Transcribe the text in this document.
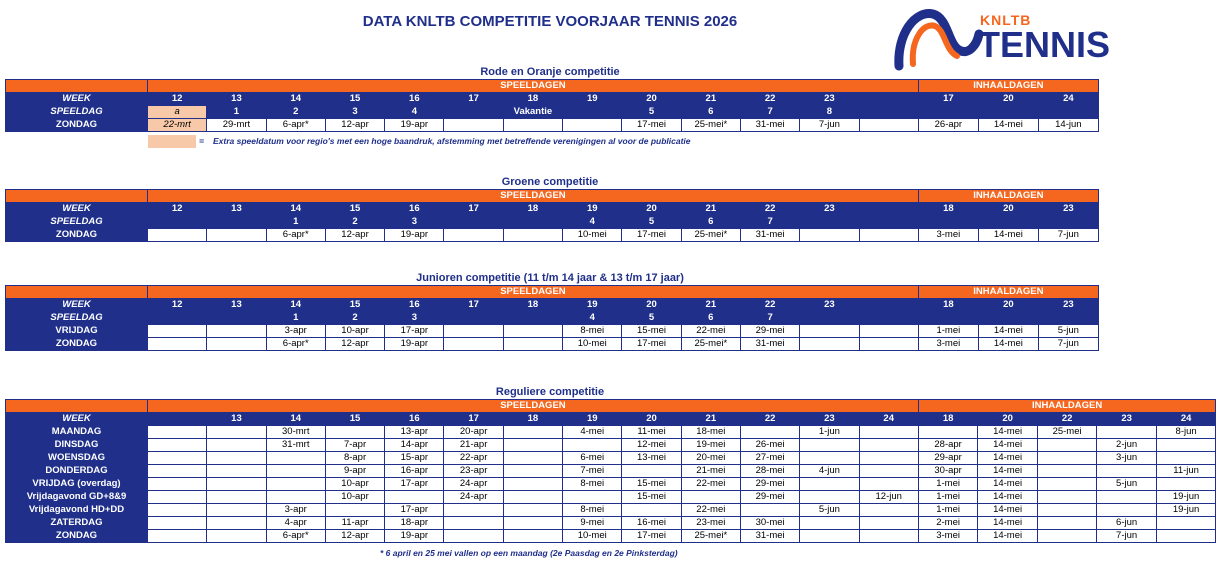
DATA KNLTB COMPETITIE VOORJAAR TENNIS 2026	KNLTB
TENNIS
Rode en Oranje competitie
	SPEELDAGEN													INHAALDAGEN		
WEEK	12	13	14	15	16	17	18	19	20	21	22	23		17	20	24
SPEELDAG	a	1	2	3	4		Vakantie		5	6	7	8				
ZONDAG	22-mrt	29-mrt	6-apr*	12-apr	19-apr				17-mei	25-mei*	31-mei	7-jun		26-apr	14-mei	14-jun
= Extra speeldatum voor regio's met een hoge baandruk, afstemming met betreffende verenigingen al voor de publicatie
Groene competitie
	SPEELDAGEN													INHAALDAGEN		
WEEK	12	13	14	15	16	17	18	19	20	21	22	23		18	20	23
SPEELDAG			1	2	3			4	5	6	7					
ZONDAG			6-apr*	12-apr	19-apr			10-mei	17-mei	25-mei*	31-mei			3-mei	14-mei	7-jun
Junioren competitie (11 t/m 14 jaar & 13 t/m 17 jaar)
	SPEELDAGEN													INHAALDAGEN		
WEEK	12	13	14	15	16	17	18	19	20	21	22	23		18	20	23
SPEELDAG			1	2	3			4	5	6	7					
VRIJDAG			3-apr	10-apr	17-apr			8-mei	15-mei	22-mei	29-mei			1-mei	14-mei	5-jun
ZONDAG			6-apr*	12-apr	19-apr			10-mei	17-mei	25-mei*	31-mei			3-mei	14-mei	7-jun
Reguliere competitie
	SPEELDAGEN													INHAALDAGEN				
WEEK		13	14	15	16	17	18	19	20	21	22	23	24	18	20	22	23	24
MAANDAG			30-mrt		13-apr	20-apr		4-mei	11-mei	18-mei		1-jun			14-mei	25-mei		8-jun
DINSDAG			31-mrt	7-apr	14-apr	21-apr			12-mei	19-mei	26-mei			28-apr	14-mei		2-jun	
WOENSDAG				8-apr	15-apr	22-apr		6-mei	13-mei	20-mei	27-mei			29-apr	14-mei		3-jun	
DONDERDAG				9-apr	16-apr	23-apr		7-mei		21-mei	28-mei	4-jun		30-apr	14-mei			11-jun
VRIJDAG (overdag)				10-apr	17-apr	24-apr		8-mei	15-mei	22-mei	29-mei			1-mei	14-mei		5-jun	
Vrijdagavond GD+8&9				10-apr		24-apr			15-mei		29-mei		12-jun	1-mei	14-mei			19-jun
Vrijdagavond HD+DD			3-apr		17-apr			8-mei		22-mei		5-jun		1-mei	14-mei			19-jun
ZATERDAG			4-apr	11-apr	18-apr			9-mei	16-mei	23-mei	30-mei			2-mei	14-mei		6-jun	
ZONDAG			6-apr*	12-apr	19-apr			10-mei	17-mei	25-mei*	31-mei			3-mei	14-mei		7-jun	
* 6 april en 25 mei vallen op een maandag (2e Paasdag en 2e Pinksterdag)
